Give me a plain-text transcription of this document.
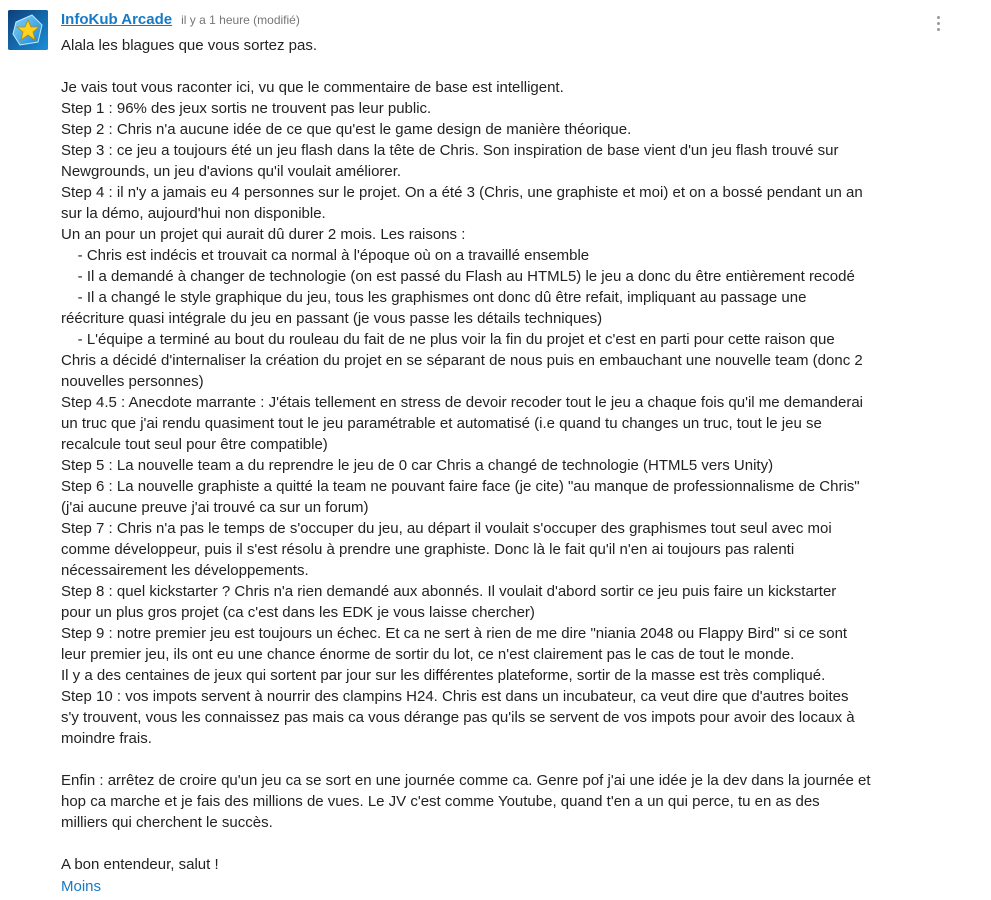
InfoKub Arcade il y a 1 heure (modifié)
Alala les blagues que vous sortez pas.
Je vais tout vous raconter ici, vu que le commentaire de base est intelligent.
Step 1 : 96% des jeux sortis ne trouvent pas leur public.
Step 2 : Chris n'a aucune idée de ce que qu'est le game design de manière théorique.
Step 3 : ce jeu a toujours été un jeu flash dans la tête de Chris. Son inspiration de base vient d'un jeu flash trouvé sur
Newgrounds, un jeu d'avions qu'il voulait améliorer.
Step 4 : il n'y a jamais eu 4 personnes sur le projet. On a été 3 (Chris, une graphiste et moi) et on a bossé pendant un an
sur la démo, aujourd'hui non disponible.
Un an pour un projet qui aurait dû durer 2 mois. Les raisons :
- Chris est indécis et trouvait ca normal à l'époque où on a travaillé ensemble
- Il a demandé à changer de technologie (on est passé du Flash au HTML5) le jeu a donc du être entièrement recodé
- Il a changé le style graphique du jeu, tous les graphismes ont donc dû être refait, impliquant au passage une
réécriture quasi intégrale du jeu en passant (je vous passe les détails techniques)
- L'équipe a terminé au bout du rouleau du fait de ne plus voir la fin du projet et c'est en parti pour cette raison que
Chris a décidé d'internaliser la création du projet en se séparant de nous puis en embauchant une nouvelle team (donc 2
nouvelles personnes)
Step 4.5 : Anecdote marrante : J'étais tellement en stress de devoir recoder tout le jeu a chaque fois qu'il me demanderai
un truc que j'ai rendu quasiment tout le jeu paramétrable et automatisé (i.e quand tu changes un truc, tout le jeu se
recalcule tout seul pour être compatible)
Step 5 : La nouvelle team a du reprendre le jeu de 0 car Chris a changé de technologie (HTML5 vers Unity)
Step 6 : La nouvelle graphiste a quitté la team ne pouvant faire face (je cite) "au manque de professionnalisme de Chris"
(j'ai aucune preuve j'ai trouvé ca sur un forum)
Step 7 : Chris n'a pas le temps de s'occuper du jeu, au départ il voulait s'occuper des graphismes tout seul avec moi
comme développeur, puis il s'est résolu à prendre une graphiste. Donc là le fait qu'il n'en ai toujours pas ralenti
nécessairement les développements.
Step 8 : quel kickstarter ? Chris n'a rien demandé aux abonnés. Il voulait d'abord sortir ce jeu puis faire un kickstarter
pour un plus gros projet (ca c'est dans les EDK je vous laisse chercher)
Step 9 : notre premier jeu est toujours un échec. Et ca ne sert à rien de me dire "niania 2048 ou Flappy Bird" si ce sont
leur premier jeu, ils ont eu une chance énorme de sortir du lot, ce n'est clairement pas le cas de tout le monde.
Il y a des centaines de jeux qui sortent par jour sur les différentes plateforme, sortir de la masse est très compliqué.
Step 10 : vos impots servent à nourrir des clampins H24. Chris est dans un incubateur, ca veut dire que d'autres boites
s'y trouvent, vous les connaissez pas mais ca vous dérange pas qu'ils se servent de vos impots pour avoir des locaux à
moindre frais.
Enfin : arrêtez de croire qu'un jeu ca se sort en une journée comme ca. Genre pof j'ai une idée je la dev dans la journée et
hop ca marche et je fais des millions de vues. Le JV c'est comme Youtube, quand t'en a un qui perce, tu en as des
milliers qui cherchent le succès.
A bon entendeur, salut !
Moins
